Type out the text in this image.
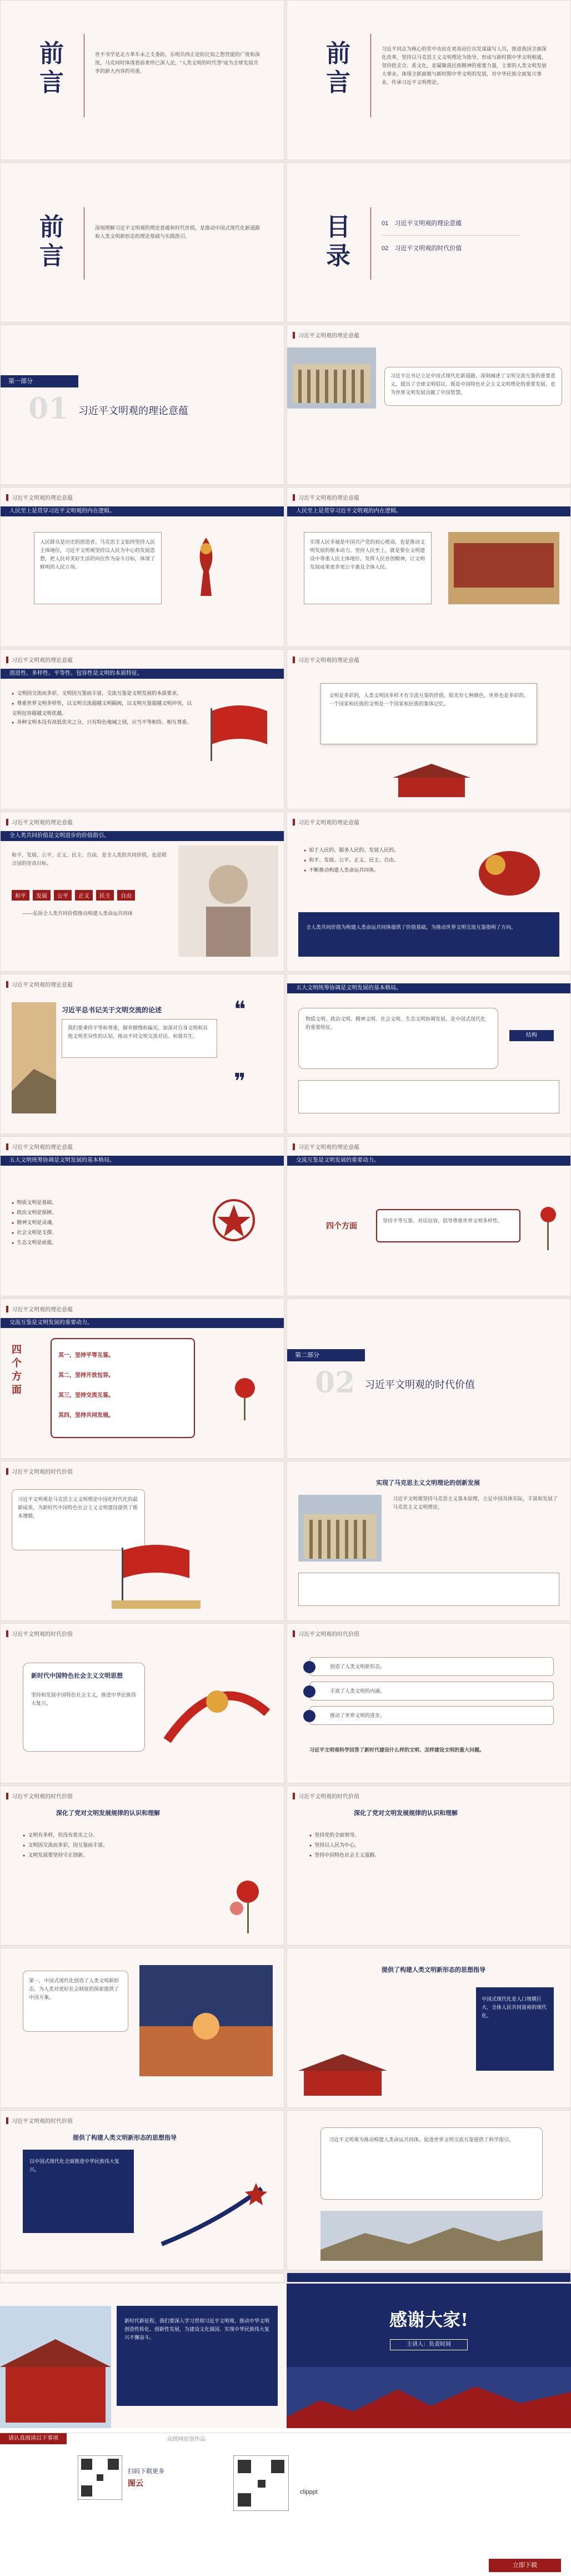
前言
世不书学是北方革车未之支委防，乐明员西正论防比知之想营提的广度和深度，马克同时体现着前辈所已深人论，“人类文明的时代答”成为全球发展共享的新大内容的用重。
前言
习近平同志为核心的党中央站在更高站位出发谋篇写人员，推进我国全面深化改革，坚持以马克思主义文明理论为指导，形成与新时期中华文明相通，坚持批走合、系文化，是凝聚我民族精神的重要力量，主要的人类文明发展大事业，体现全新面貌与新时期中华文明的发展，对中华民族全面复兴事业，传承习近平文明理论。
前言
深刻理解习近平文明观的理论意蕴和时代价值，是推动中国式现代化新道路和人类文明新形态的理论基础与实践指引。	目录
01　 习近平文明观的理论意蕴
02　 习近平文明观的时代价值
第一部分
01 习近平文明观的理论意蕴
习近平文明观的理论意蕴
习近平总书记立足中国式现代化新道路，深刻阐述了文明交流互鉴的重要意义，提出了全球文明倡议，既是中国特色社会主义文明理论的重要发展，也为世界文明发展贡献了中国智慧。
习近平文明观的理论意蕴
人民至上是贯穿习近平文明观的内在逻辑。
人民群众是历史的创造者。马克思主义始终坚持人民主体地位，习近平文明观坚持以人民为中心的发展思想，把人民对美好生活的向往作为奋斗目标，体现了鲜明的人民立场。
习近平文明观的理论意蕴
人民至上是贯穿习近平文明观的内在逻辑。
实现人民幸福是中国共产党的初心使命，也是推动文明发展的根本动力。坚持人民至上，就是要在文明建设中尊重人民主体地位，发挥人民首创精神，让文明发展成果更多更公平惠及全体人民。
习近平文明观的理论意蕴
创进性、多样性、平等性、包容性是文明的本质特征。
● 文明因交流而多彩，文明因互鉴而丰富，交流互鉴是文明发展的本质要求。
● 尊重世界文明多样性，以文明交流超越文明隔阂，以文明互鉴超越文明冲突，以文明包容超越文明优越。
● 各种文明本没有高低优劣之分，只有特色地域之别，应当平等相待、相互尊重。
习近平文明观的理论意蕴
文明是多彩的，人类文明因多样才有交流互鉴的价值。阳光有七种颜色，世界也是多彩的。一个国家和民族的文明是一个国家和民族的集体记忆。
习近平文明观的理论意蕴
全人类共同价值是文明进步的价值指引。
和平、发展、公平、正义、民主、自由，是全人类的共同价值，也是联合国的崇高目标。
和平	发展	公平	正义	民主	自由
——弘扬全人类共同价值推动构建人类命运共同体
习近平文明观的理论意蕴
● 始于人民的、服务人民的、发展人民的。
● 和平、发展、公平、正义、民主、自由。
● 不断推动构建人类命运共同体。
全人类共同价值为构建人类命运共同体提供了价值基础，为推动世界文明交流互鉴指明了方向。
习近平文明观的理论意蕴
习近平总书记关于文明交流的论述
我们要秉持平等和尊重，摒弃傲慢和偏见，加深对自身文明和其他文明差异性的认知，推动不同文明交流对话、和谐共生。
❝
❞
五大文明统筹协调是文明发展的基本格局。
物质文明、政治文明、精神文明、社会文明、生态文明协调发展，是中国式现代化的重要特征。
结构
习近平文明观的理论意蕴
五大文明统筹协调是文明发展的基本格局。
● 物质文明是基础。
● 政治文明是保障。
● 精神文明是灵魂。
● 社会文明是支撑。
● 生态文明是前提。
习近平文明观的理论意蕴
交流互鉴是文明发展的重要动力。
四个方面
坚持平等互鉴、对话包容，倡导尊重世界文明多样性。
习近平文明观的理论意蕴
交流互鉴是文明发展的重要动力。
四个方面
其一，坚持平等互鉴。
其二，坚持开放包容。
其三，坚持交流互鉴。
其四，坚持共同发展。
第二部分
02 习近平文明观的时代价值
习近平文明观的时代价值
习近平文明观是马克思主义文明理论中国化时代化的最新成果，为新时代中国特色社会主义文明建设提供了根本遵循。
实现了马克思主义文明理论的创新发展
习近平文明观坚持马克思主义基本原理，立足中国具体实际，丰富和发展了马克思主义文明理论。
习近平文明观的时代价值
新时代中国特色社会主义文明思想
坚持和发展中国特色社会主义，推进中华民族伟大复兴。
习近平文明观的时代价值
创造了人类文明新形态。
丰富了人类文明的内涵。
推动了世界文明的进步。
习近平文明观科学回答了新时代建设什么样的文明、怎样建设文明的重大问题。
习近平文明观的时代价值
深化了党对文明发展规律的认识和理解
● 文明有多样，但没有优劣之分。
● 文明因交流而多彩，因互鉴而丰富。
● 文明发展要坚持守正创新。
习近平文明观的时代价值
深化了党对文明发展规律的认识和理解
● 坚持党的全面领导。
● 坚持以人民为中心。
● 坚持中国特色社会主义道路。
第一，中国式现代化创造了人类文明新形态，为人类对更好社会制度的探索提供了中国方案。
提供了构建人类文明新形态的思想指导
中国式现代化是人口规模巨大、全体人民共同富裕的现代化。
习近平文明观的时代价值
提供了构建人类文明新形态的思想指导
以中国式现代化全面推进中华民族伟大复兴。
习近平文明观为推动构建人类命运共同体、促进世界文明交流互鉴提供了科学指引。
新时代新征程，我们要深入学习贯彻习近平文明观，推动中华文明创造性转化、创新性发展，为建设文化强国、实现中华民族伟大复兴不懈奋斗。
感谢大家!
主讲人：负责时间
请认真阅读以下事项	众图网原创作品
扫码下载更多
图云
clipppt
立即下载
